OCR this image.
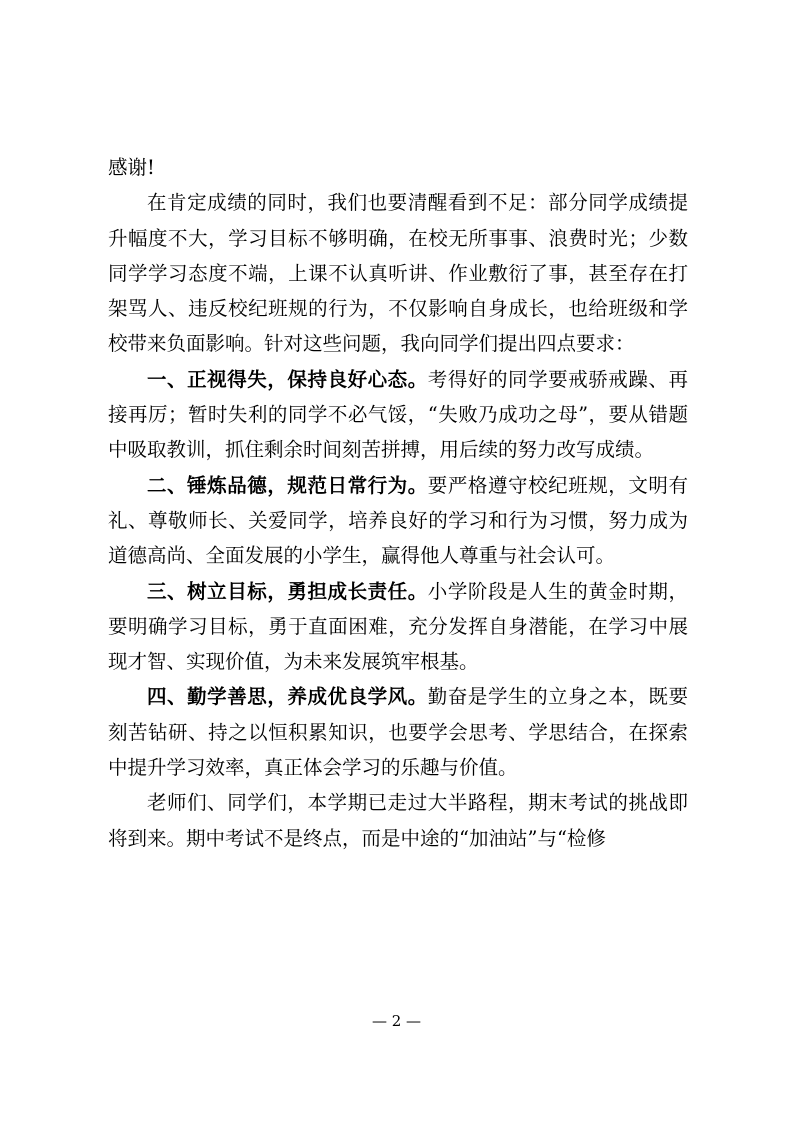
感谢!

在肯定成绩的同时，我们也要清醒看到不足：部分同学成绩提升幅度不大，学习目标不够明确，在校无所事事、浪费时光；少数同学学习态度不端，上课不认真听讲、作业敷衍了事，甚至存在打架骂人、违反校纪班规的行为，不仅影响自身成长，也给班级和学校带来负面影响。针对这些问题，我向同学们提出四点要求：

一、正视得失，保持良好心态。考得好的同学要戒骄戒躁、再接再厉；暂时失利的同学不必气馁，“失败乃成功之母”，要从错题中吸取教训，抓住剩余时间刻苦拼搏，用后续的努力改写成绩。

二、锤炼品德，规范日常行为。要严格遵守校纪班规，文明有礼、尊敬师长、关爱同学，培养良好的学习和行为习惯，努力成为道德高尚、全面发展的小学生，赢得他人尊重与社会认可。

三、树立目标，勇担成长责任。小学阶段是人生的黄金时期，要明确学习目标，勇于直面困难，充分发挥自身潜能，在学习中展现才智、实现价值，为未来发展筑牢根基。

四、勤学善思，养成优良学风。勤奋是学生的立身之本，既要刻苦钻研、持之以恒积累知识，也要学会思考、学思结合，在探索中提升学习效率，真正体会学习的乐趣与价值。

老师们、同学们，本学期已走过大半路程，期末考试的挑战即将到来。期中考试不是终点，而是中途的“加油站”与“检修

— 2 —
